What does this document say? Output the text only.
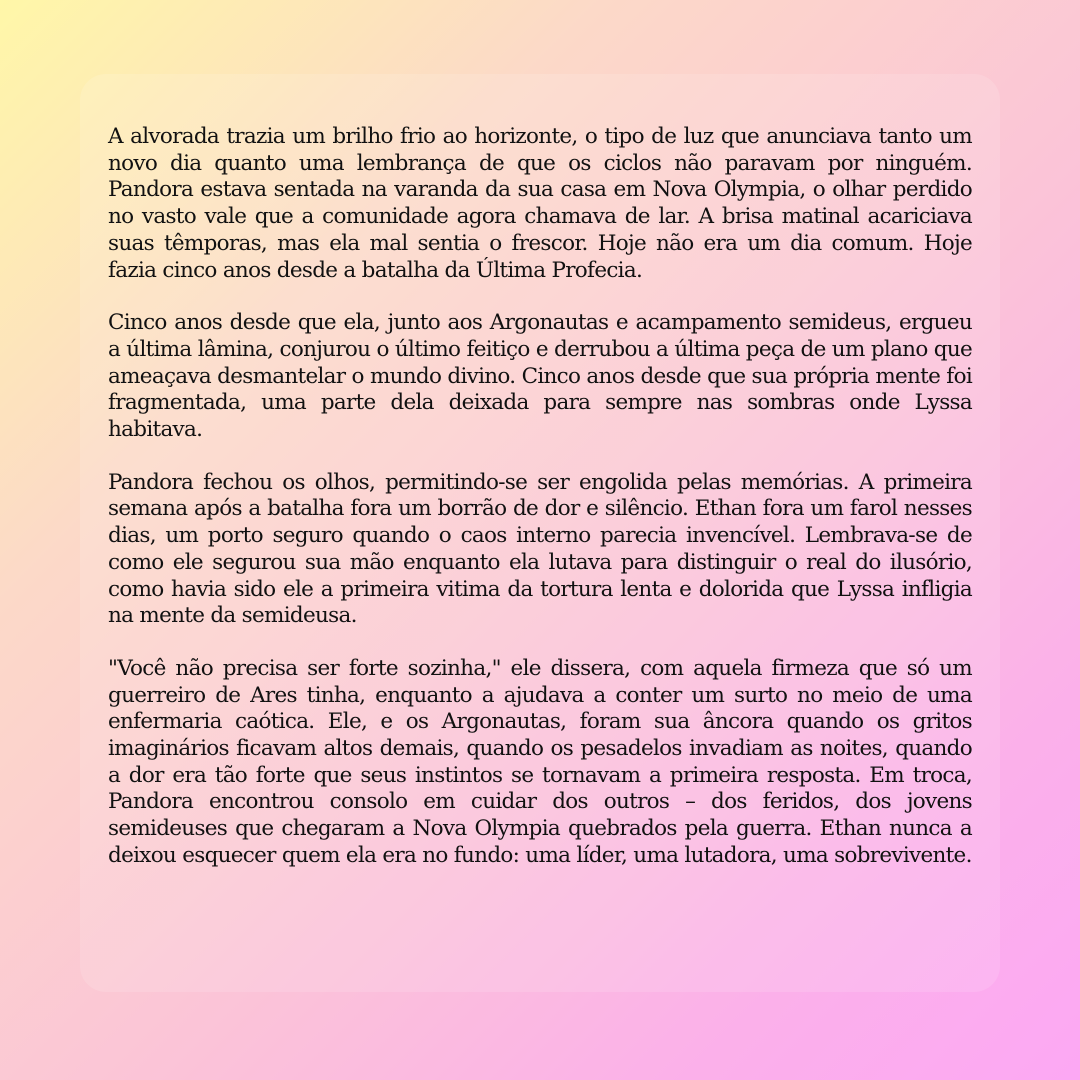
A alvorada trazia um brilho frio ao horizonte, o tipo de luz que anunciava tanto um novo dia quanto uma lembrança de que os ciclos não paravam por ninguém. Pandora estava sentada na varanda da sua casa em Nova Olympia, o olhar perdido no vasto vale que a comunidade agora chamava de lar. A brisa matinal acariciava suas têmporas, mas ela mal sentia o frescor. Hoje não era um dia comum. Hoje fazia cinco anos desde a batalha da Última Profecia.

Cinco anos desde que ela, junto aos Argonautas e acampamento semideus, ergueu a última lâmina, conjurou o último feitiço e derrubou a última peça de um plano que ameaçava desmantelar o mundo divino. Cinco anos desde que sua própria mente foi fragmentada, uma parte dela deixada para sempre nas sombras onde Lyssa habitava.

Pandora fechou os olhos, permitindo-se ser engolida pelas memórias. A primeira semana após a batalha fora um borrão de dor e silêncio. Ethan fora um farol nesses dias, um porto seguro quando o caos interno parecia invencível. Lembrava-se de como ele segurou sua mão enquanto ela lutava para distinguir o real do ilusório, como havia sido ele a primeira vitima da tortura lenta e dolorida que Lyssa infligia na mente da semideusa.

"Você não precisa ser forte sozinha," ele dissera, com aquela firmeza que só um guerreiro de Ares tinha, enquanto a ajudava a conter um surto no meio de uma enfermaria caótica. Ele, e os Argonautas, foram sua âncora quando os gritos imaginários ficavam altos demais, quando os pesadelos invadiam as noites, quando a dor era tão forte que seus instintos se tornavam a primeira resposta. Em troca, Pandora encontrou consolo em cuidar dos outros – dos feridos, dos jovens semideuses que chegaram a Nova Olympia quebrados pela guerra. Ethan nunca a deixou esquecer quem ela era no fundo: uma líder, uma lutadora, uma sobrevivente.
